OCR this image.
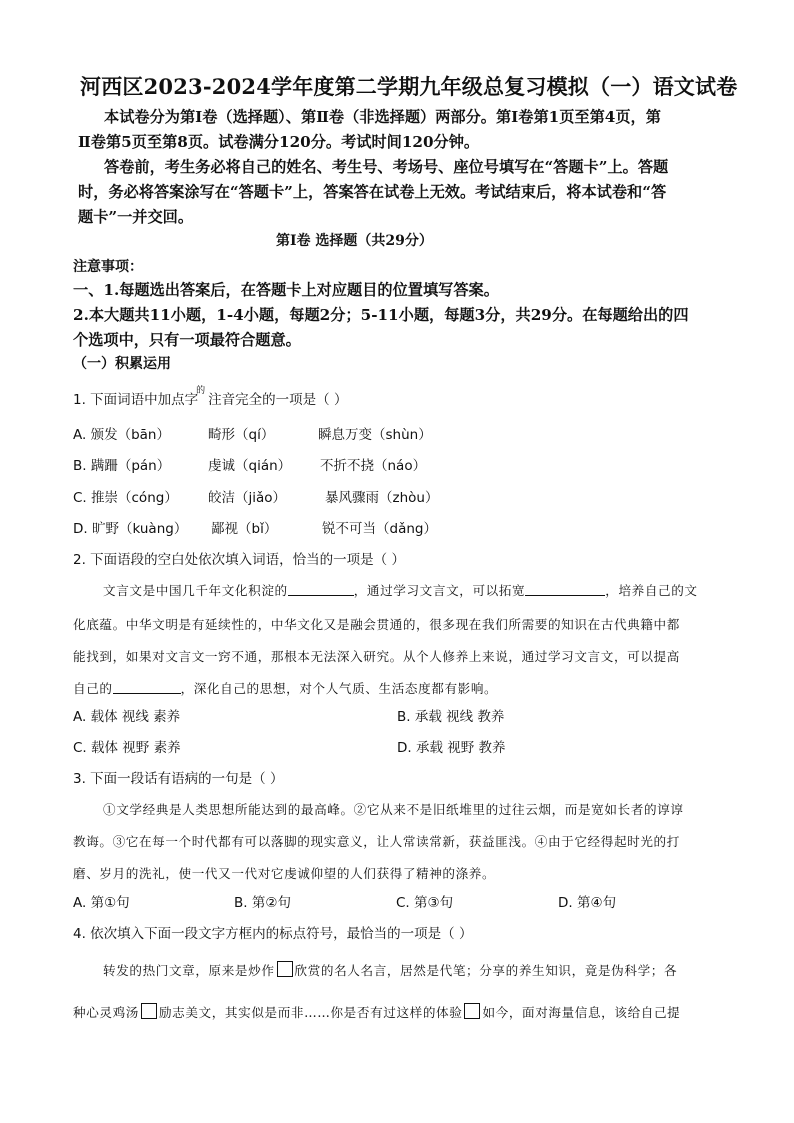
河西区2023-2024学年度第二学期九年级总复习模拟（一）语文试卷
本试卷分为第Ⅰ卷（选择题）、第Ⅱ卷（非选择题）两部分。第Ⅰ卷第1页至第4页，第
Ⅱ卷第5页至第8页。试卷满分120分。考试时间120分钟。
答卷前，考生务必将自己的姓名、考生号、考场号、座位号填写在“答题卡”上。答题
时，务必将答案涂写在“答题卡”上，答案答在试卷上无效。考试结束后，将本试卷和“答
题卡”一并交回。
第Ⅰ卷 选择题（共29分）
注意事项：
一、1.每题选出答案后，在答题卡上对应题目的位置填写答案。
2.本大题共11小题，1-4小题，每题2分；5-11小题，每题3分，共29分。在每题给出的四
个选项中，只有一项最符合题意。
（一）积累运用
1. 下面词语中加点字
的
注音完全的一项是（ ）
A. 颁发（bān）	畸形（qí）	瞬息万变（shùn）
B. 蹒跚（pán）	虔诚（qián） 不折不挠（náo）
C. 推崇（cóng） 皎洁（jiǎo）	暴风骤雨（zhòu）
D. 旷野（kuàng） 鄙视（bǐ）	锐不可当（dǎng）
2. 下面语段的空白处依次填入词语，恰当的一项是（ ）
文言文是中国几千年文化积淀的	，通过学习文言文，可以拓宽	，培养自己的文
化底蕴。中华文明是有延续性的，中华文化又是融会贯通的，很多现在我们所需要的知识在古代典籍中都
能找到，如果对文言文一窍不通，那根本无法深入研究。从个人修养上来说，通过学习文言文，可以提高
自己的	，深化自己的思想，对个人气质、生活态度都有影响。
A. 载体 视线 素养	B. 承载 视线 教养
C. 载体 视野 素养	D. 承载 视野 教养
3. 下面一段话有语病的一句是（ ）
①文学经典是人类思想所能达到的最高峰。②它从来不是旧纸堆里的过往云烟，而是宽如长者的谆谆
教诲。③它在每一个时代都有可以落脚的现实意义，让人常读常新，获益匪浅。④由于它经得起时光的打
磨、岁月的洗礼，使一代又一代对它虔诚仰望的人们获得了精神的涤养。
A. 第①句	B. 第②句	C. 第③句	D. 第④句
4. 依次填入下面一段文字方框内的标点符号，最恰当的一项是（ ）
转发的热门文章，原来是炒作 欣赏的名人名言，居然是代笔；分享的养生知识，竟是伪科学；各
种心灵鸡汤 励志美文，其实似是而非……你是否有过这样的体验 如今，面对海量信息，该给自己提
